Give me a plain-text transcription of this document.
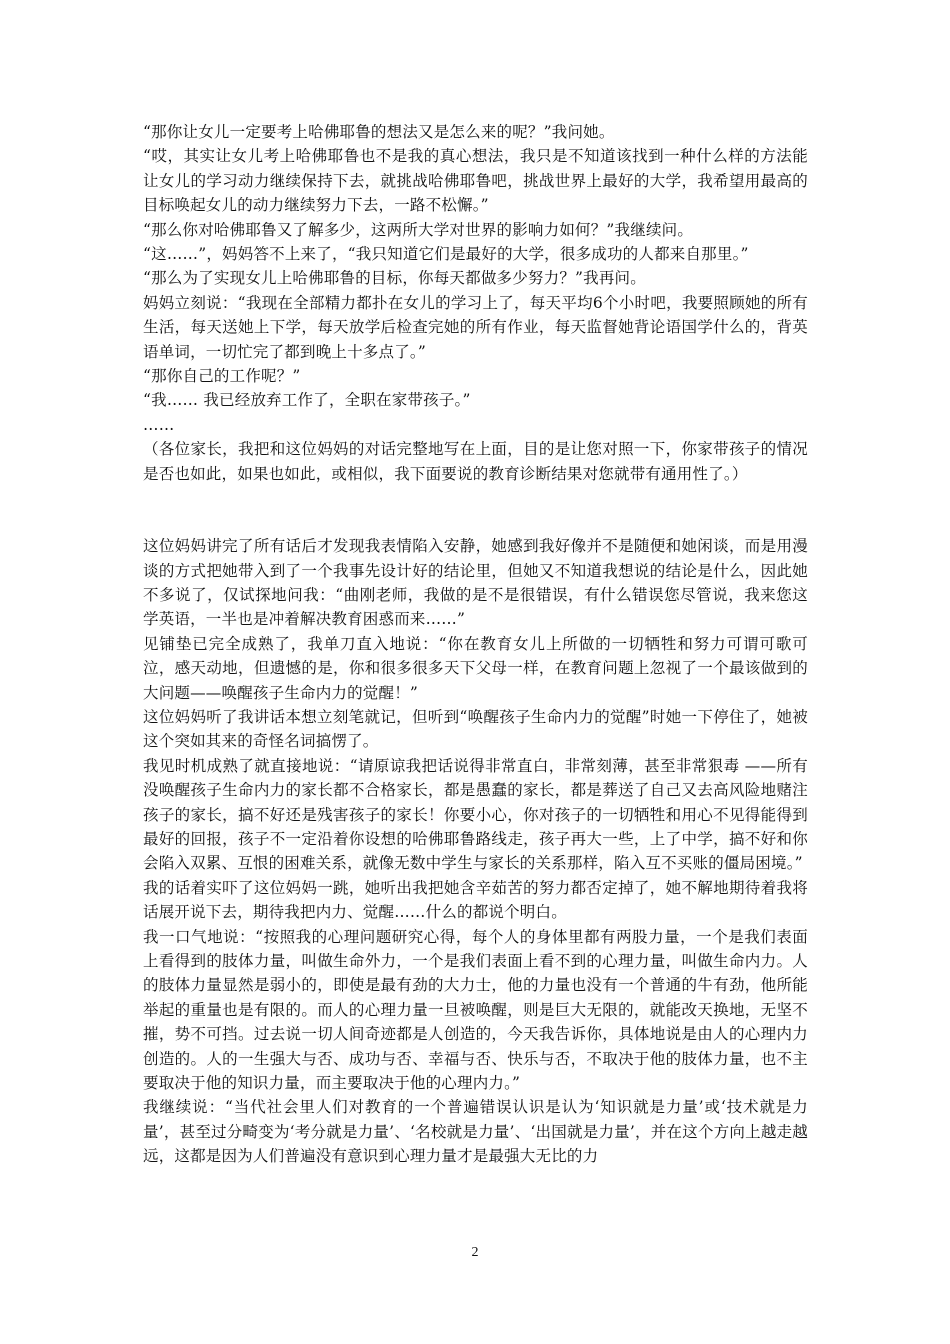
“那你让女儿一定要考上哈佛耶鲁的想法又是怎么来的呢？”我问她。

“哎，其实让女儿考上哈佛耶鲁也不是我的真心想法，我只是不知道该找到一种什么样的方法能让女儿的学习动力继续保持下去，就挑战哈佛耶鲁吧，挑战世界上最好的大学，我希望用最高的目标唤起女儿的动力继续努力下去，一路不松懈。”

“那么你对哈佛耶鲁又了解多少，这两所大学对世界的影响力如何？”我继续问。

“这……”，妈妈答不上来了，“我只知道它们是最好的大学，很多成功的人都来自那里。”

“那么为了实现女儿上哈佛耶鲁的目标，你每天都做多少努力？”我再问。

妈妈立刻说：“我现在全部精力都扑在女儿的学习上了，每天平均6个小时吧，我要照顾她的所有生活，每天送她上下学，每天放学后检查完她的所有作业，每天监督她背论语国学什么的，背英语单词，一切忙完了都到晚上十多点了。”

“那你自己的工作呢？”

“我…… 我已经放弃工作了，全职在家带孩子。”

……

（各位家长，我把和这位妈妈的对话完整地写在上面，目的是让您对照一下，你家带孩子的情况是否也如此，如果也如此，或相似，我下面要说的教育诊断结果对您就带有通用性了。）

这位妈妈讲完了所有话后才发现我表情陷入安静，她感到我好像并不是随便和她闲谈，而是用漫谈的方式把她带入到了一个我事先设计好的结论里，但她又不知道我想说的结论是什么，因此她不多说了，仅试探地问我：“曲刚老师，我做的是不是很错误，有什么错误您尽管说，我来您这学英语，一半也是冲着解决教育困惑而来……”

见铺垫已完全成熟了，我单刀直入地说：“你在教育女儿上所做的一切牺牲和努力可谓可歌可泣，感天动地，但遗憾的是，你和很多很多天下父母一样，在教育问题上忽视了一个最该做到的大问题——唤醒孩子生命内力的觉醒！”

这位妈妈听了我讲话本想立刻笔就记，但听到“唤醒孩子生命内力的觉醒”时她一下停住了，她被这个突如其来的奇怪名词搞愣了。

我见时机成熟了就直接地说：“请原谅我把话说得非常直白，非常刻薄，甚至非常狠毒 ——所有没唤醒孩子生命内力的家长都不合格家长，都是愚蠢的家长，都是葬送了自己又去高风险地赌注孩子的家长，搞不好还是残害孩子的家长！你要小心，你对孩子的一切牺牲和用心不见得能得到最好的回报，孩子不一定沿着你设想的哈佛耶鲁路线走，孩子再大一些，上了中学，搞不好和你会陷入双累、互恨的困难关系，就像无数中学生与家长的关系那样，陷入互不买账的僵局困境。”

我的话着实吓了这位妈妈一跳，她听出我把她含辛茹苦的努力都否定掉了，她不解地期待着我将话展开说下去，期待我把内力、觉醒……什么的都说个明白。

我一口气地说：“按照我的心理问题研究心得，每个人的身体里都有两股力量，一个是我们表面上看得到的肢体力量，叫做生命外力，一个是我们表面上看不到的心理力量，叫做生命内力。人的肢体力量显然是弱小的，即使是最有劲的大力士，他的力量也没有一个普通的牛有劲，他所能举起的重量也是有限的。而人的心理力量一旦被唤醒，则是巨大无限的，就能改天换地，无坚不摧，势不可挡。过去说一切人间奇迹都是人创造的，今天我告诉你，具体地说是由人的心理内力创造的。人的一生强大与否、成功与否、幸福与否、快乐与否，不取决于他的肢体力量，也不主要取决于他的知识力量，而主要取决于他的心理内力。”

我继续说：“当代社会里人们对教育的一个普遍错误认识是认为‘知识就是力量’或‘技术就是力量’，甚至过分畸变为‘考分就是力量’、‘名校就是力量’、‘出国就是力量’，并在这个方向上越走越远，这都是因为人们普遍没有意识到心理力量才是最强大无比的力

2
